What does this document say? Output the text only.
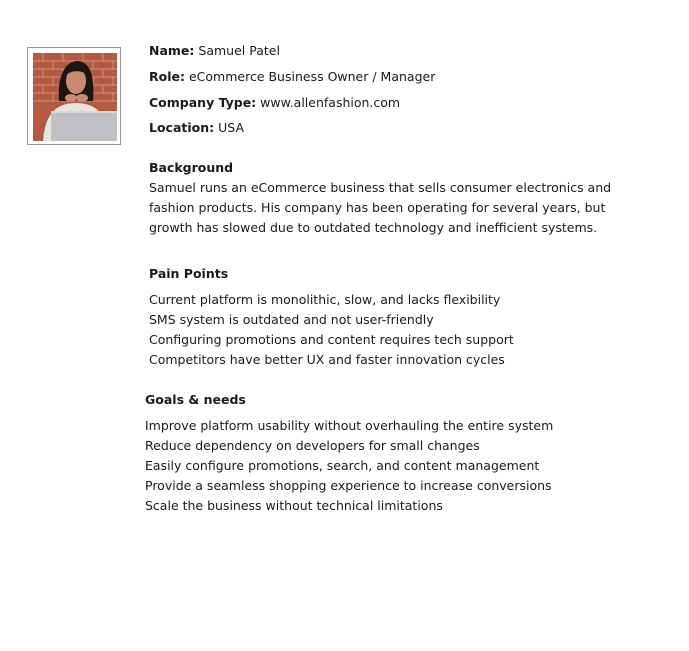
Name: Samuel Patel
Role: eCommerce Business Owner / Manager
Company Type: www.allenfashion.com
Location: USA
Background

Samuel runs an eCommerce business that sells consumer electronics and fashion products. His company has been operating for several years, but growth has slowed due to outdated technology and inefficient systems.

Pain Points
Current platform is monolithic, slow, and lacks flexibility
SMS system is outdated and not user-friendly
Configuring promotions and content requires tech support
Competitors have better UX and faster innovation cycles
Goals & needs
Improve platform usability without overhauling the entire system
Reduce dependency on developers for small changes
Easily configure promotions, search, and content management
Provide a seamless shopping experience to increase conversions
Scale the business without technical limitations
